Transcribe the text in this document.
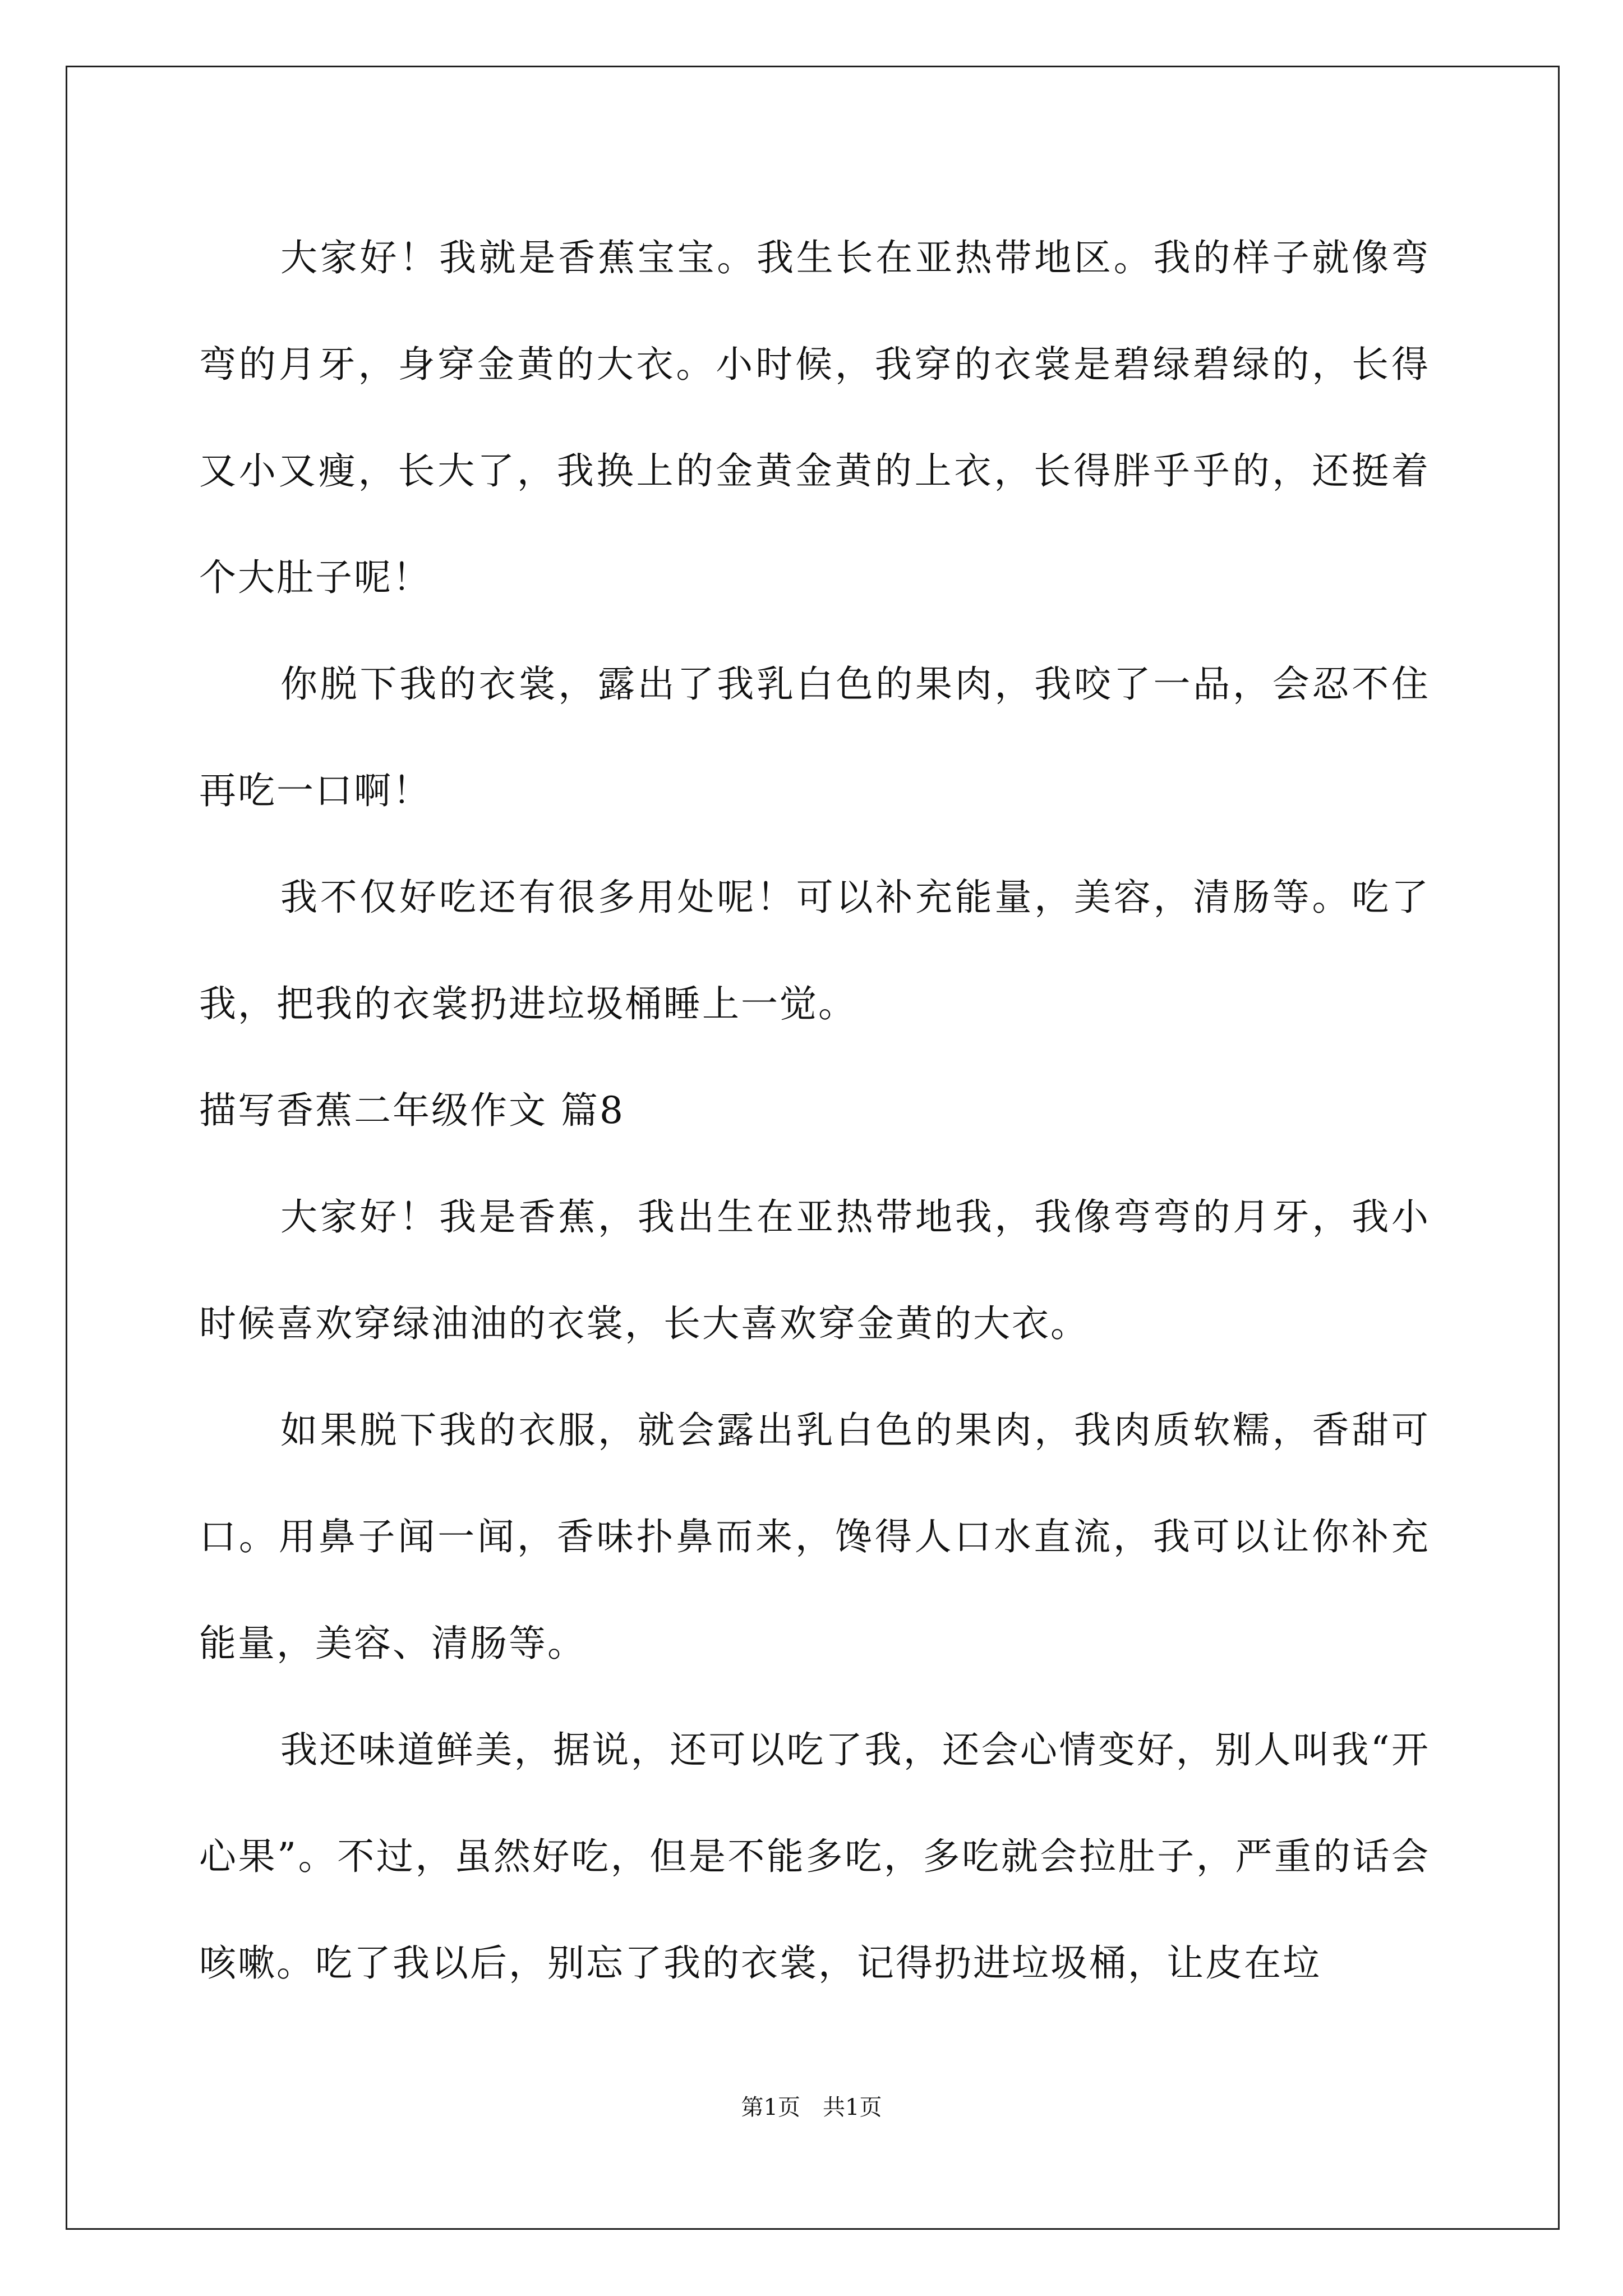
大家好！我就是香蕉宝宝。我生长在亚热带地区。我的样子就像弯弯的月牙，身穿金黄的大衣。小时候，我穿的衣裳是碧绿碧绿的，长得又小又瘦，长大了，我换上的金黄金黄的上衣，长得胖乎乎的，还挺着个大肚子呢！

你脱下我的衣裳，露出了我乳白色的果肉，我咬了一品，会忍不住再吃一口啊！

我不仅好吃还有很多用处呢！可以补充能量，美容，清肠等。吃了我，把我的衣裳扔进垃圾桶睡上一觉。

描写香蕉二年级作文 篇8

大家好！我是香蕉，我出生在亚热带地我，我像弯弯的月牙，我小时候喜欢穿绿油油的衣裳，长大喜欢穿金黄的大衣。

如果脱下我的衣服，就会露出乳白色的果肉，我肉质软糯，香甜可口。用鼻子闻一闻，香味扑鼻而来，馋得人口水直流，我可以让你补充能量，美容、清肠等。

我还味道鲜美，据说，还可以吃了我，还会心情变好，别人叫我“开心果”。不过，虽然好吃，但是不能多吃，多吃就会拉肚子，严重的话会咳嗽。吃了我以后，别忘了我的衣裳，记得扔进垃圾桶，让皮在垃

第1页 共1页
